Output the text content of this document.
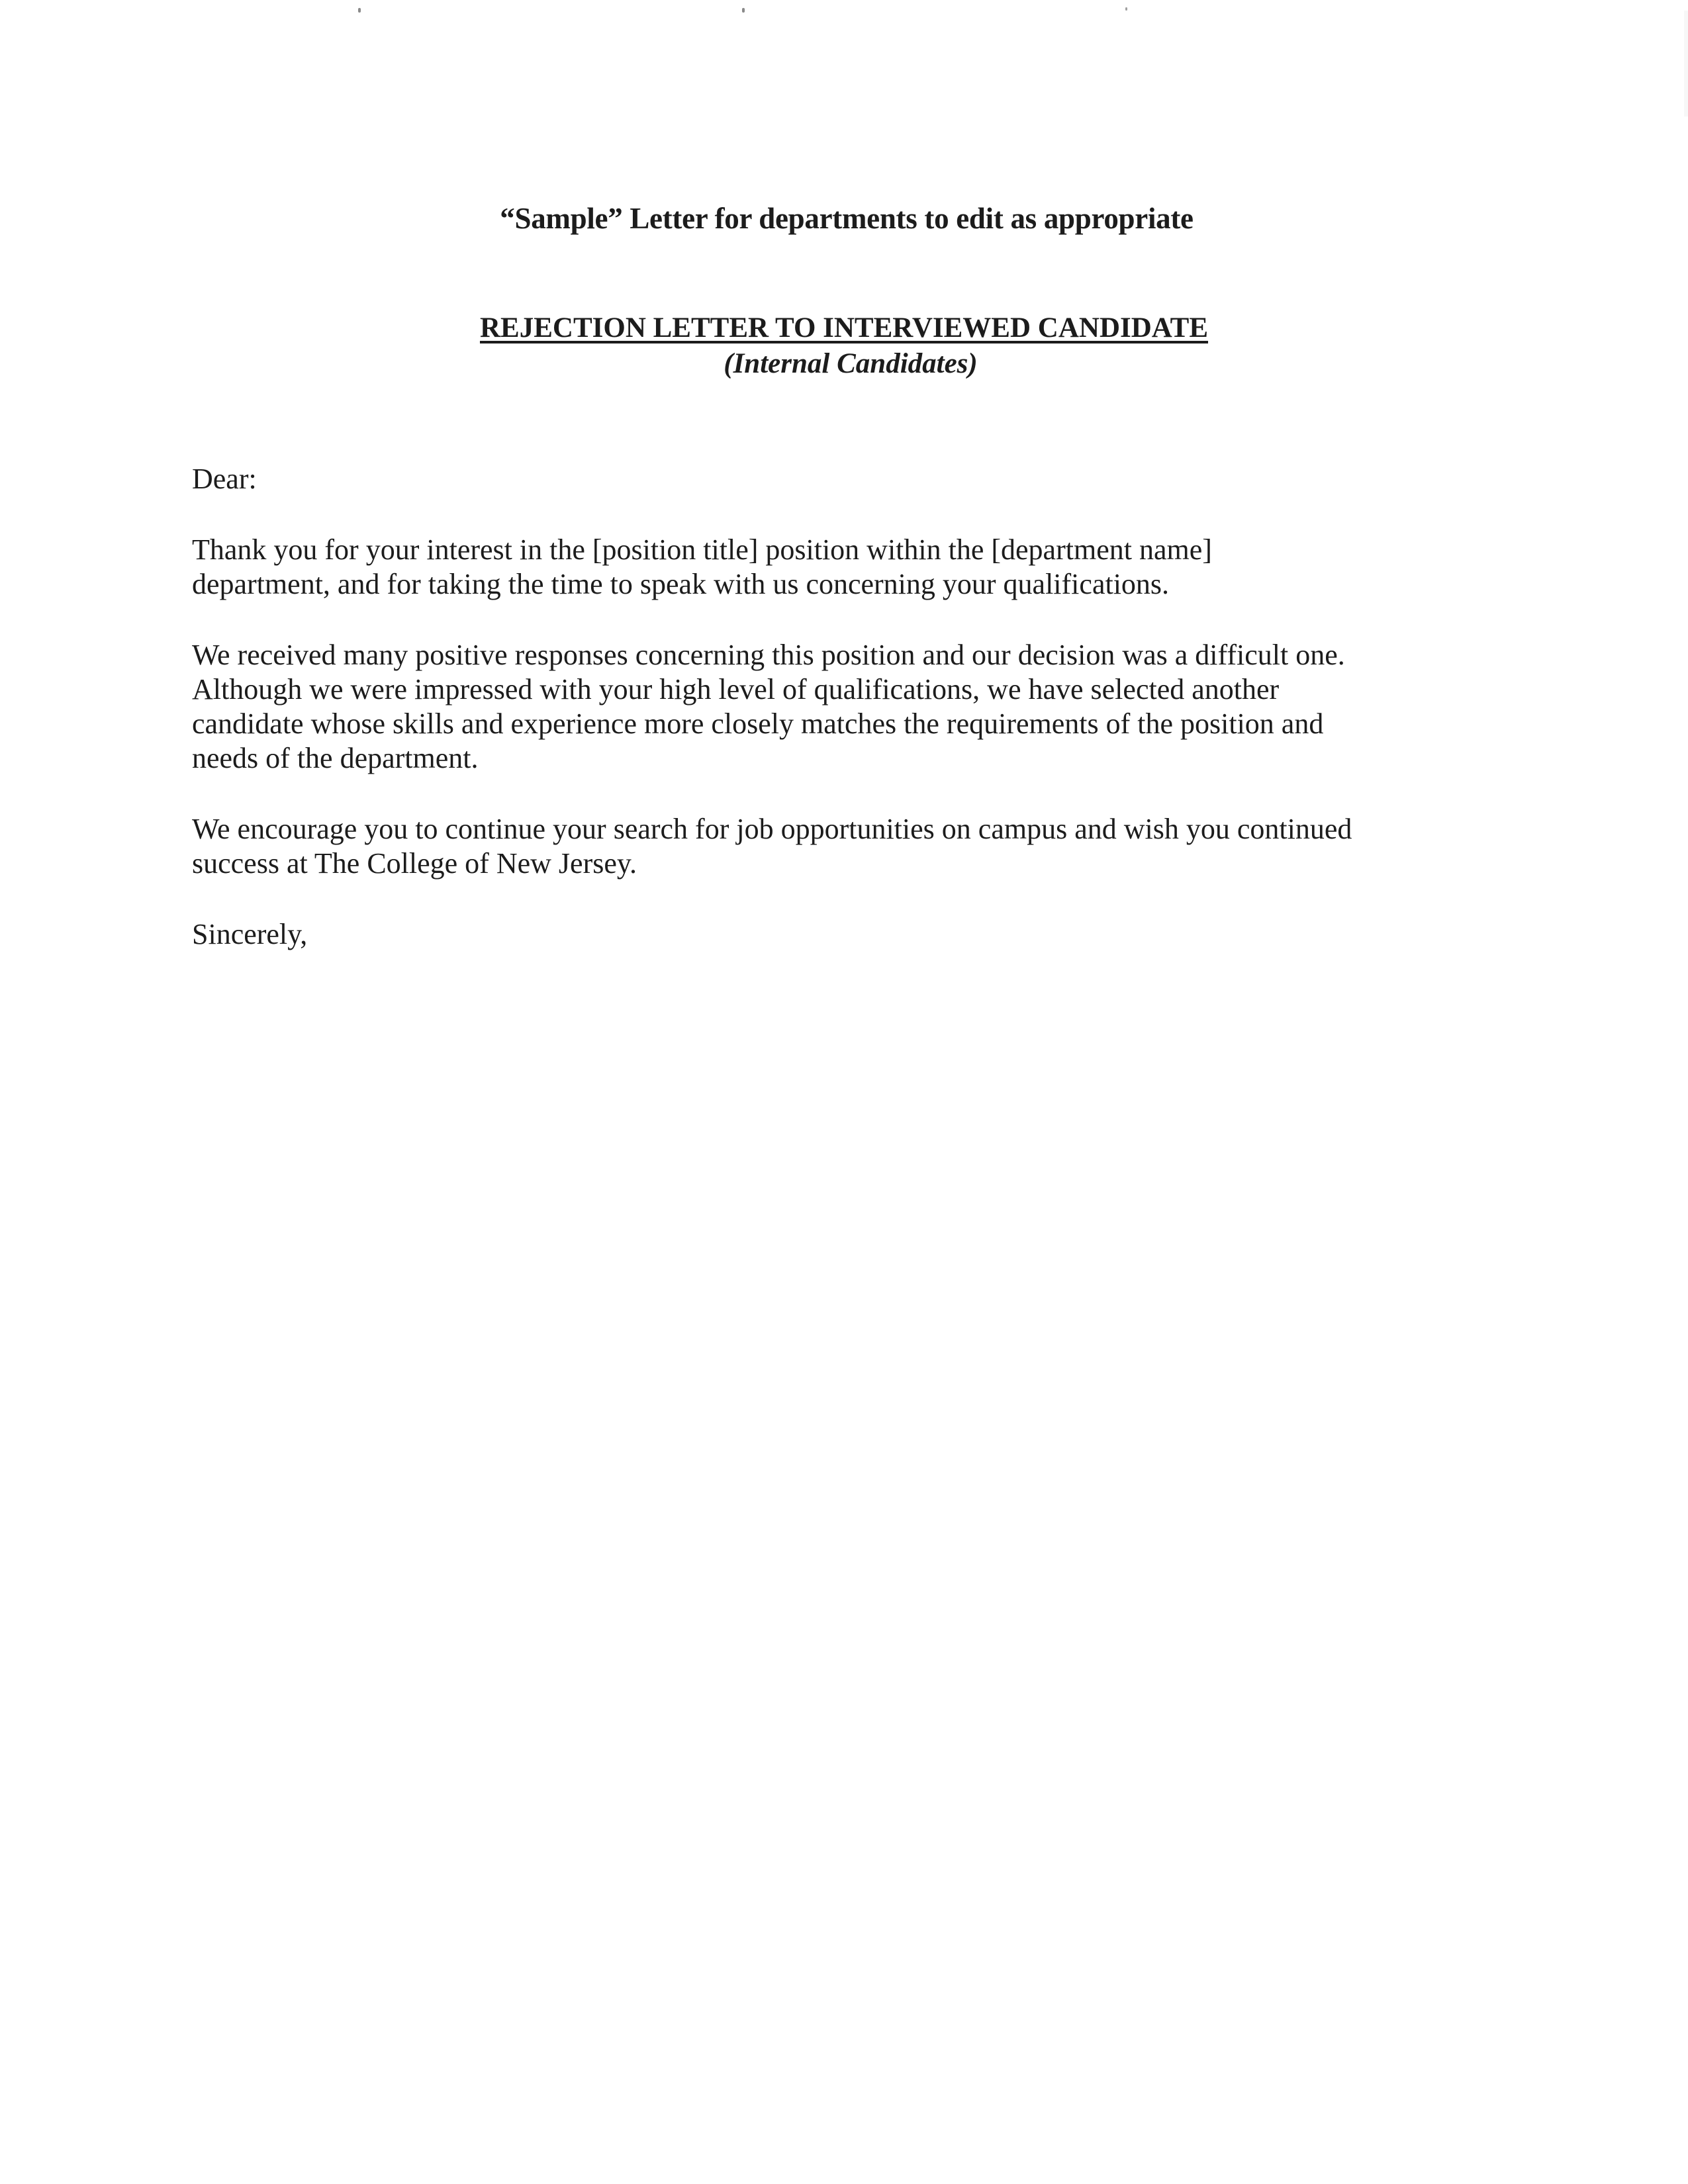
“Sample” Letter for departments to edit as appropriate
REJECTION LETTER TO INTERVIEWED CANDIDATE
(Internal Candidates)

Dear:

Thank you for your interest in the [position title] position within the [department name]
department, and for taking the time to speak with us concerning your qualifications.

We received many positive responses concerning this position and our decision was a difficult one.
Although we were impressed with your high level of qualifications, we have selected another
candidate whose skills and experience more closely matches the requirements of the position and
needs of the department.

We encourage you to continue your search for job opportunities on campus and wish you continued
success at The College of New Jersey.

Sincerely,
